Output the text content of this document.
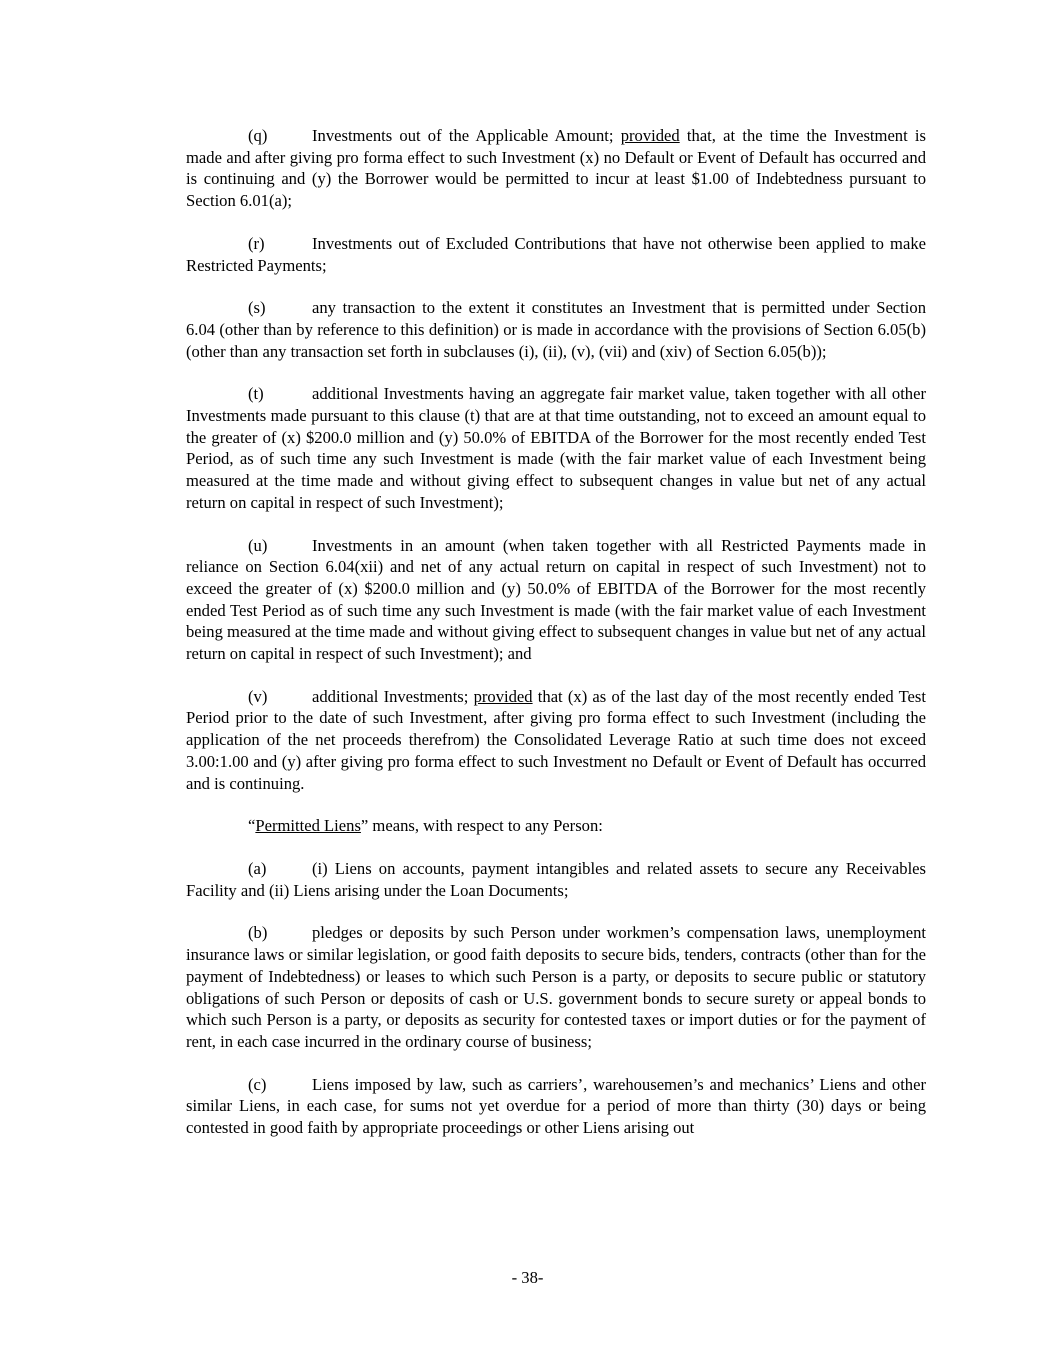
(q)	Investments out of the Applicable Amount; provided that, at the time the Investment is made and after giving pro forma effect to such Investment (x) no Default or Event of Default has occurred and is continuing and (y) the Borrower would be permitted to incur at least $1.00 of Indebtedness pursuant to Section 6.01(a);

(r)	Investments out of Excluded Contributions that have not otherwise been applied to make Restricted Payments;

(s)	any transaction to the extent it constitutes an Investment that is permitted under Section 6.04 (other than by reference to this definition) or is made in accordance with the provisions of Section 6.05(b) (other than any transaction set forth in subclauses (i), (ii), (v), (vii) and (xiv) of Section 6.05(b));

(t)	additional Investments having an aggregate fair market value, taken together with all other Investments made pursuant to this clause (t) that are at that time outstanding, not to exceed an amount equal to the greater of (x) $200.0 million and (y) 50.0% of EBITDA of the Borrower for the most recently ended Test Period, as of such time any such Investment is made (with the fair market value of each Investment being measured at the time made and without giving effect to subsequent changes in value but net of any actual return on capital in respect of such Investment);

(u)	Investments in an amount (when taken together with all Restricted Payments made in reliance on Section 6.04(xii) and net of any actual return on capital in respect of such Investment) not to exceed the greater of (x) $200.0 million and (y) 50.0% of EBITDA of the Borrower for the most recently ended Test Period as of such time any such Investment is made (with the fair market value of each Investment being measured at the time made and without giving effect to subsequent changes in value but net of any actual return on capital in respect of such Investment); and

(v)	additional Investments; provided that (x) as of the last day of the most recently ended Test Period prior to the date of such Investment, after giving pro forma effect to such Investment (including the application of the net proceeds therefrom) the Consolidated Leverage Ratio at such time does not exceed 3.00:1.00 and (y) after giving pro forma effect to such Investment no Default or Event of Default has occurred and is continuing.

“Permitted Liens” means, with respect to any Person:

(a)	(i) Liens on accounts, payment intangibles and related assets to secure any Receivables Facility and (ii) Liens arising under the Loan Documents;

(b)	pledges or deposits by such Person under workmen’s compensation laws, unemployment insurance laws or similar legislation, or good faith deposits to secure bids, tenders, contracts (other than for the payment of Indebtedness) or leases to which such Person is a party, or deposits to secure public or statutory obligations of such Person or deposits of cash or U.S. government bonds to secure surety or appeal bonds to which such Person is a party, or deposits as security for contested taxes or import duties or for the payment of rent, in each case incurred in the ordinary course of business;

(c)	Liens imposed by law, such as carriers’, warehousemen’s and mechanics’ Liens and other similar Liens, in each case, for sums not yet overdue for a period of more than thirty (30) days or being contested in good faith by appropriate proceedings or other Liens arising out

- 38-
